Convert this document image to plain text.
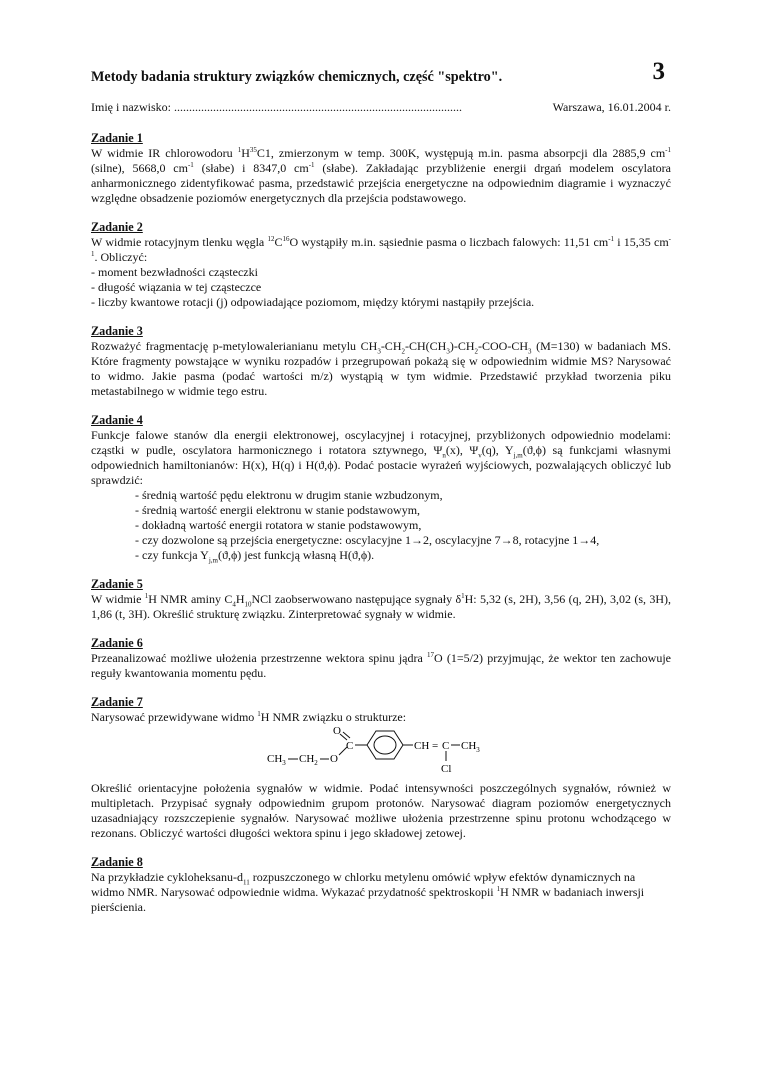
Metody badania struktury związków chemicznych, część "spektro".	3
Imię i nazwisko: ................................................................................................	Warszawa, 16.01.2004 r.
Zadanie 1
W widmie IR chlorowodoru $^1H^{35}C1$, zmierzonym w temp. 300K, występują m.in. pasma absorpcji dla 2885,9 $cm^{-1}$ (silne), 5668,0 $cm^{-1}$ (słabe) i 8347,0 $cm^{-1}$ (słabe). Zakładając przybliżenie energii drgań modelem oscylatora anharmonicznego zidentyfikować pasma, przedstawić przejścia energetyczne na odpowiednim diagramie i wyznaczyć względne obsadzenie poziomów energetycznych dla przejścia podstawowego.
Zadanie 2
W widmie rotacyjnym tlenku węgla $^{12}C^{16}O$ wystąpiły m.in. sąsiednie pasma o liczbach falowych: 11,51 $cm^{-1}$ i 15,35 $cm^{-1}$. Obliczyć:
- moment bezwładności cząsteczki
- długość wiązania w tej cząsteczce
- liczby kwantowe rotacji (j) odpowiadające poziomom, między którymi nastąpiły przejścia.
Zadanie 3
Rozważyć fragmentację p-metylowalerianianu metylu $CH_3-CH_2-CH(CH_3)-CH_2-COO-CH_3$ (M=130) w badaniach MS. Które fragmenty powstające w wyniku rozpadów i przegrupowań pokażą się w odpowiednim widmie MS? Narysować to widmo. Jakie pasma (podać wartości m/z) wystąpią w tym widmie. Przedstawić przykład tworzenia piku metastabilnego w widmie tego estru.
Zadanie 4
Funkcje falowe stanów dla energii elektronowej, oscylacyjnej i rotacyjnej, przybliżonych odpowiednio modelami: cząstki w pudle, oscylatora harmonicznego i rotatora sztywnego, $\Psi_n(x)$, $\Psi_v(q)$, $Y_{j,m}(ϑ,\phi)$ są funkcjami własnymi odpowiednich hamiltonianów: H(x), H(q) i H(ϑ,ϕ). Podać postacie wyrażeń wyjściowych, pozwalających obliczyć lub sprawdzić:
- średnią wartość pędu elektronu w drugim stanie wzbudzonym,
- średnią wartość energii elektronu w stanie podstawowym,
- dokładną wartość energii rotatora w stanie podstawowym,
- czy dozwolone są przejścia energetyczne: oscylacyjne 1→2, oscylacyjne 7→8, rotacyjne 1→4,
- czy funkcja $Y_{j,m}(ϑ,\phi)$ jest funkcją własną H(ϑ,ϕ).
Zadanie 5
W widmie $^1$H NMR aminy $C_4H_{10}NCl$ zaobserwowano następujące sygnały $\delta^1H$: 5,32 (s, 2H), 3,56 (q, 2H), 3,02 (s, 3H), 1,86 (t, 3H). Określić strukturę związku. Zinterpretować sygnały w widmie.
Zadanie 6
Przeanalizować możliwe ułożenia przestrzenne wektora spinu jądra $^{17}$O (1=5/2) przyjmując, że wektor ten zachowuje reguły kwantowania momentu pędu.
Zadanie 7
Narysować przewidywane widmo $^1$H NMR związku o strukturze:
$CH_3$ $CH_2$ O
C
O
CH = C $CH_3$
Cl
Określić orientacyjne położenia sygnałów w widmie. Podać intensywności poszczególnych sygnałów, również w multipletach. Przypisać sygnały odpowiednim grupom protonów. Narysować diagram poziomów energetycznych uzasadniający rozszczepienie sygnałów. Narysować możliwe ułożenia przestrzenne spinu protonu wchodzącego w rezonans. Obliczyć wartości długości wektora spinu i jego składowej zetowej.
Zadanie 8
Na przykładzie cykloheksanu-$d_{11}$ rozpuszczonego w chlorku metylenu omówić wpływ efektów dynamicznych na widmo NMR. Narysować odpowiednie widma. Wykazać przydatność spektroskopii $^1$H NMR w badaniach inwersji pierścienia.
